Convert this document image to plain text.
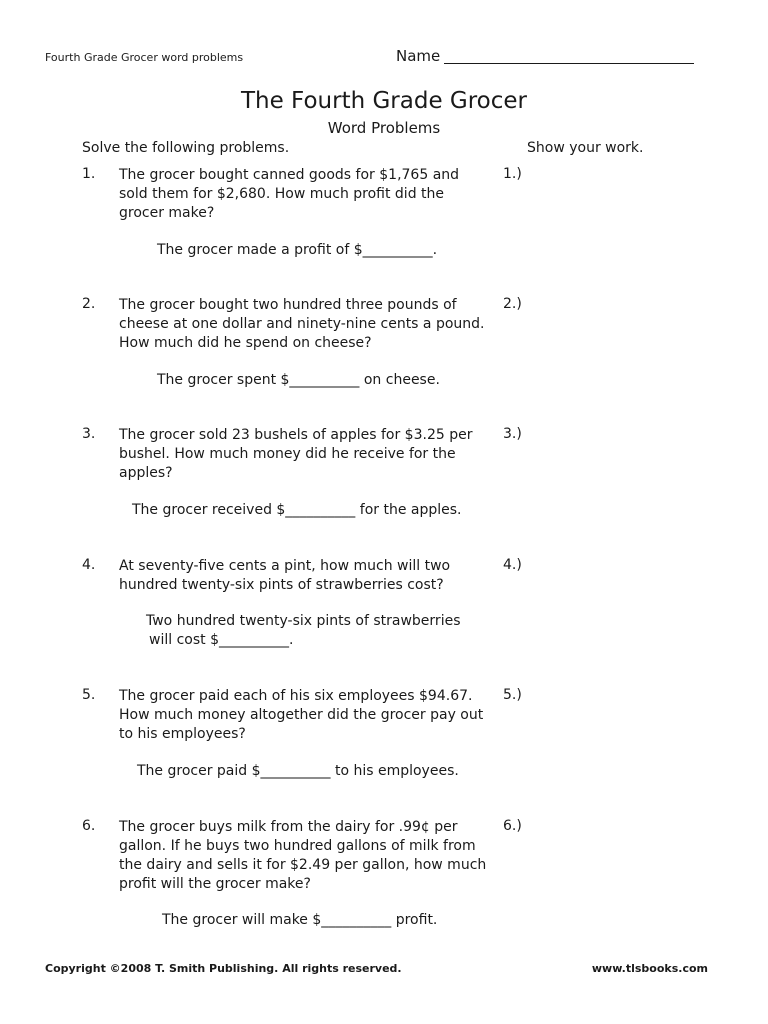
Fourth Grade Grocer word problems	Name
The Fourth Grade Grocer
Word Problems
Solve the following problems.	Show your work.
1. The grocer bought canned goods for $1,765 and sold them for $2,680. How much profit did the grocer make?
1.)
The grocer made a profit of $__________.
2. The grocer bought two hundred three pounds of cheese at one dollar and ninety-nine cents a pound. How much did he spend on cheese?
2.)
The grocer spent $__________ on cheese.
3. The grocer sold 23 bushels of apples for $3.25 per bushel. How much money did he receive for the apples?
3.)
The grocer received $__________ for the apples.
4. At seventy-five cents a pint, how much will two hundred twenty-six pints of strawberries cost?
4.)
Two hundred twenty-six pints of strawberries
will cost $__________.
5. The grocer paid each of his six employees $94.67. How much money altogether did the grocer pay out to his employees?
5.)
The grocer paid $__________ to his employees.
6. The grocer buys milk from the dairy for .99¢ per gallon. If he buys two hundred gallons of milk from the dairy and sells it for $2.49 per gallon, how much profit will the grocer make?
6.)
The grocer will make $__________ profit.
Copyright ©2008 T. Smith Publishing. All rights reserved.	www.tlsbooks.com
